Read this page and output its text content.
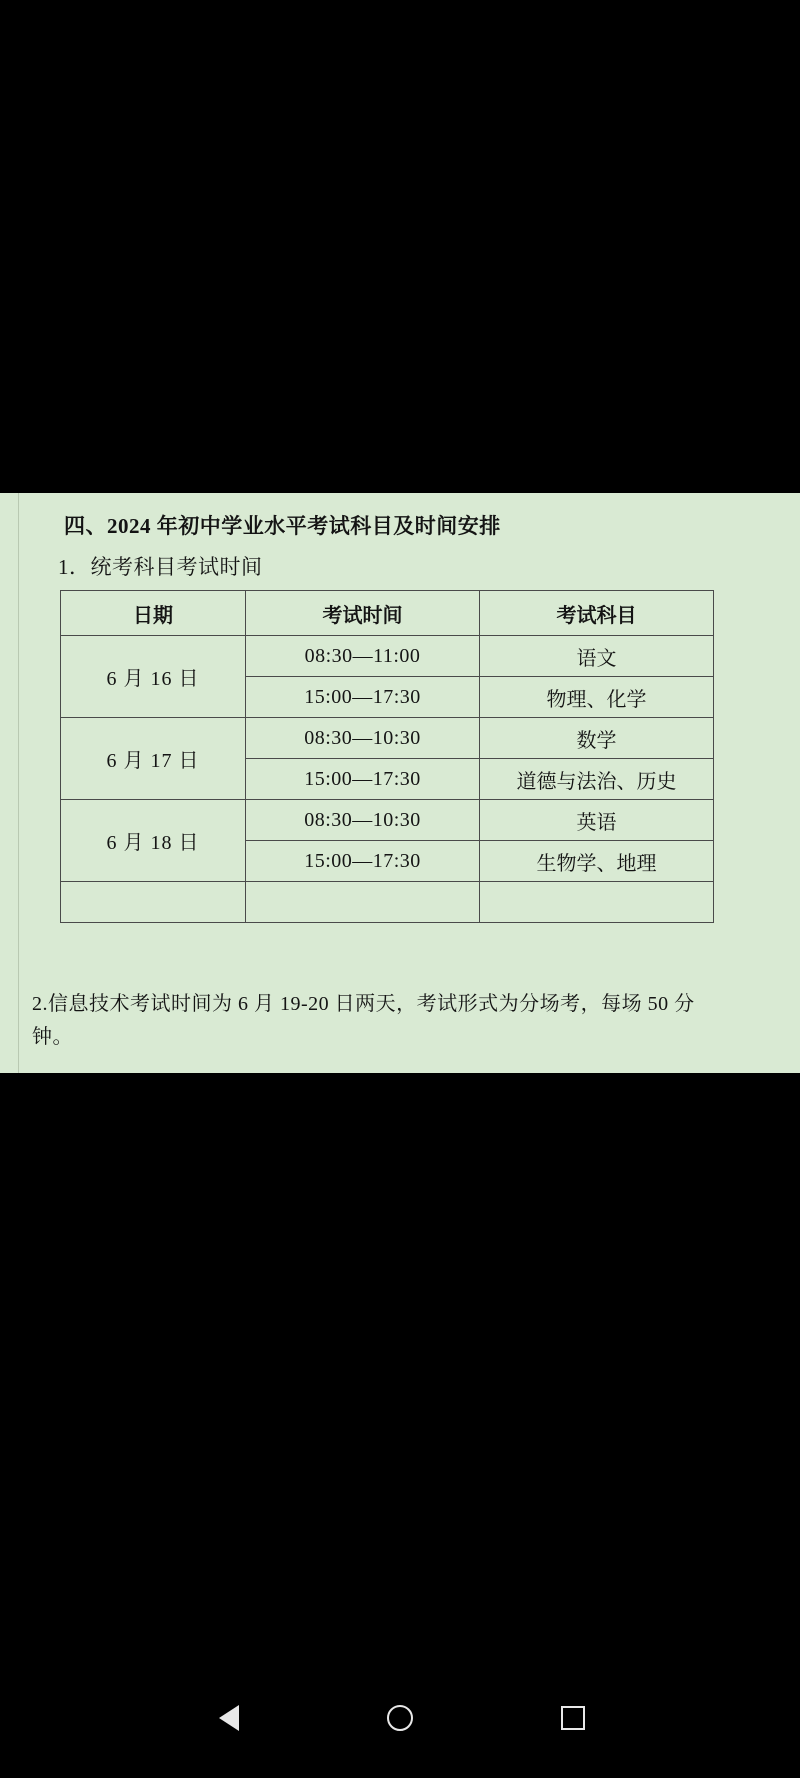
四、2024 年初中学业水平考试科目及时间安排
1．统考科目考试时间
日期	考试时间	考试科目
6 月 16 日	08:30—11:00	语文
	15:00—17:30	物理、化学
6 月 17 日	08:30—10:30	数学
	15:00—17:30	道德与法治、历史
6 月 18 日	08:30—10:30	英语
	15:00—17:30	生物学、地理

2.信息技术考试时间为 6 月 19-20 日两天，考试形式为分场考，每场 50 分钟。
